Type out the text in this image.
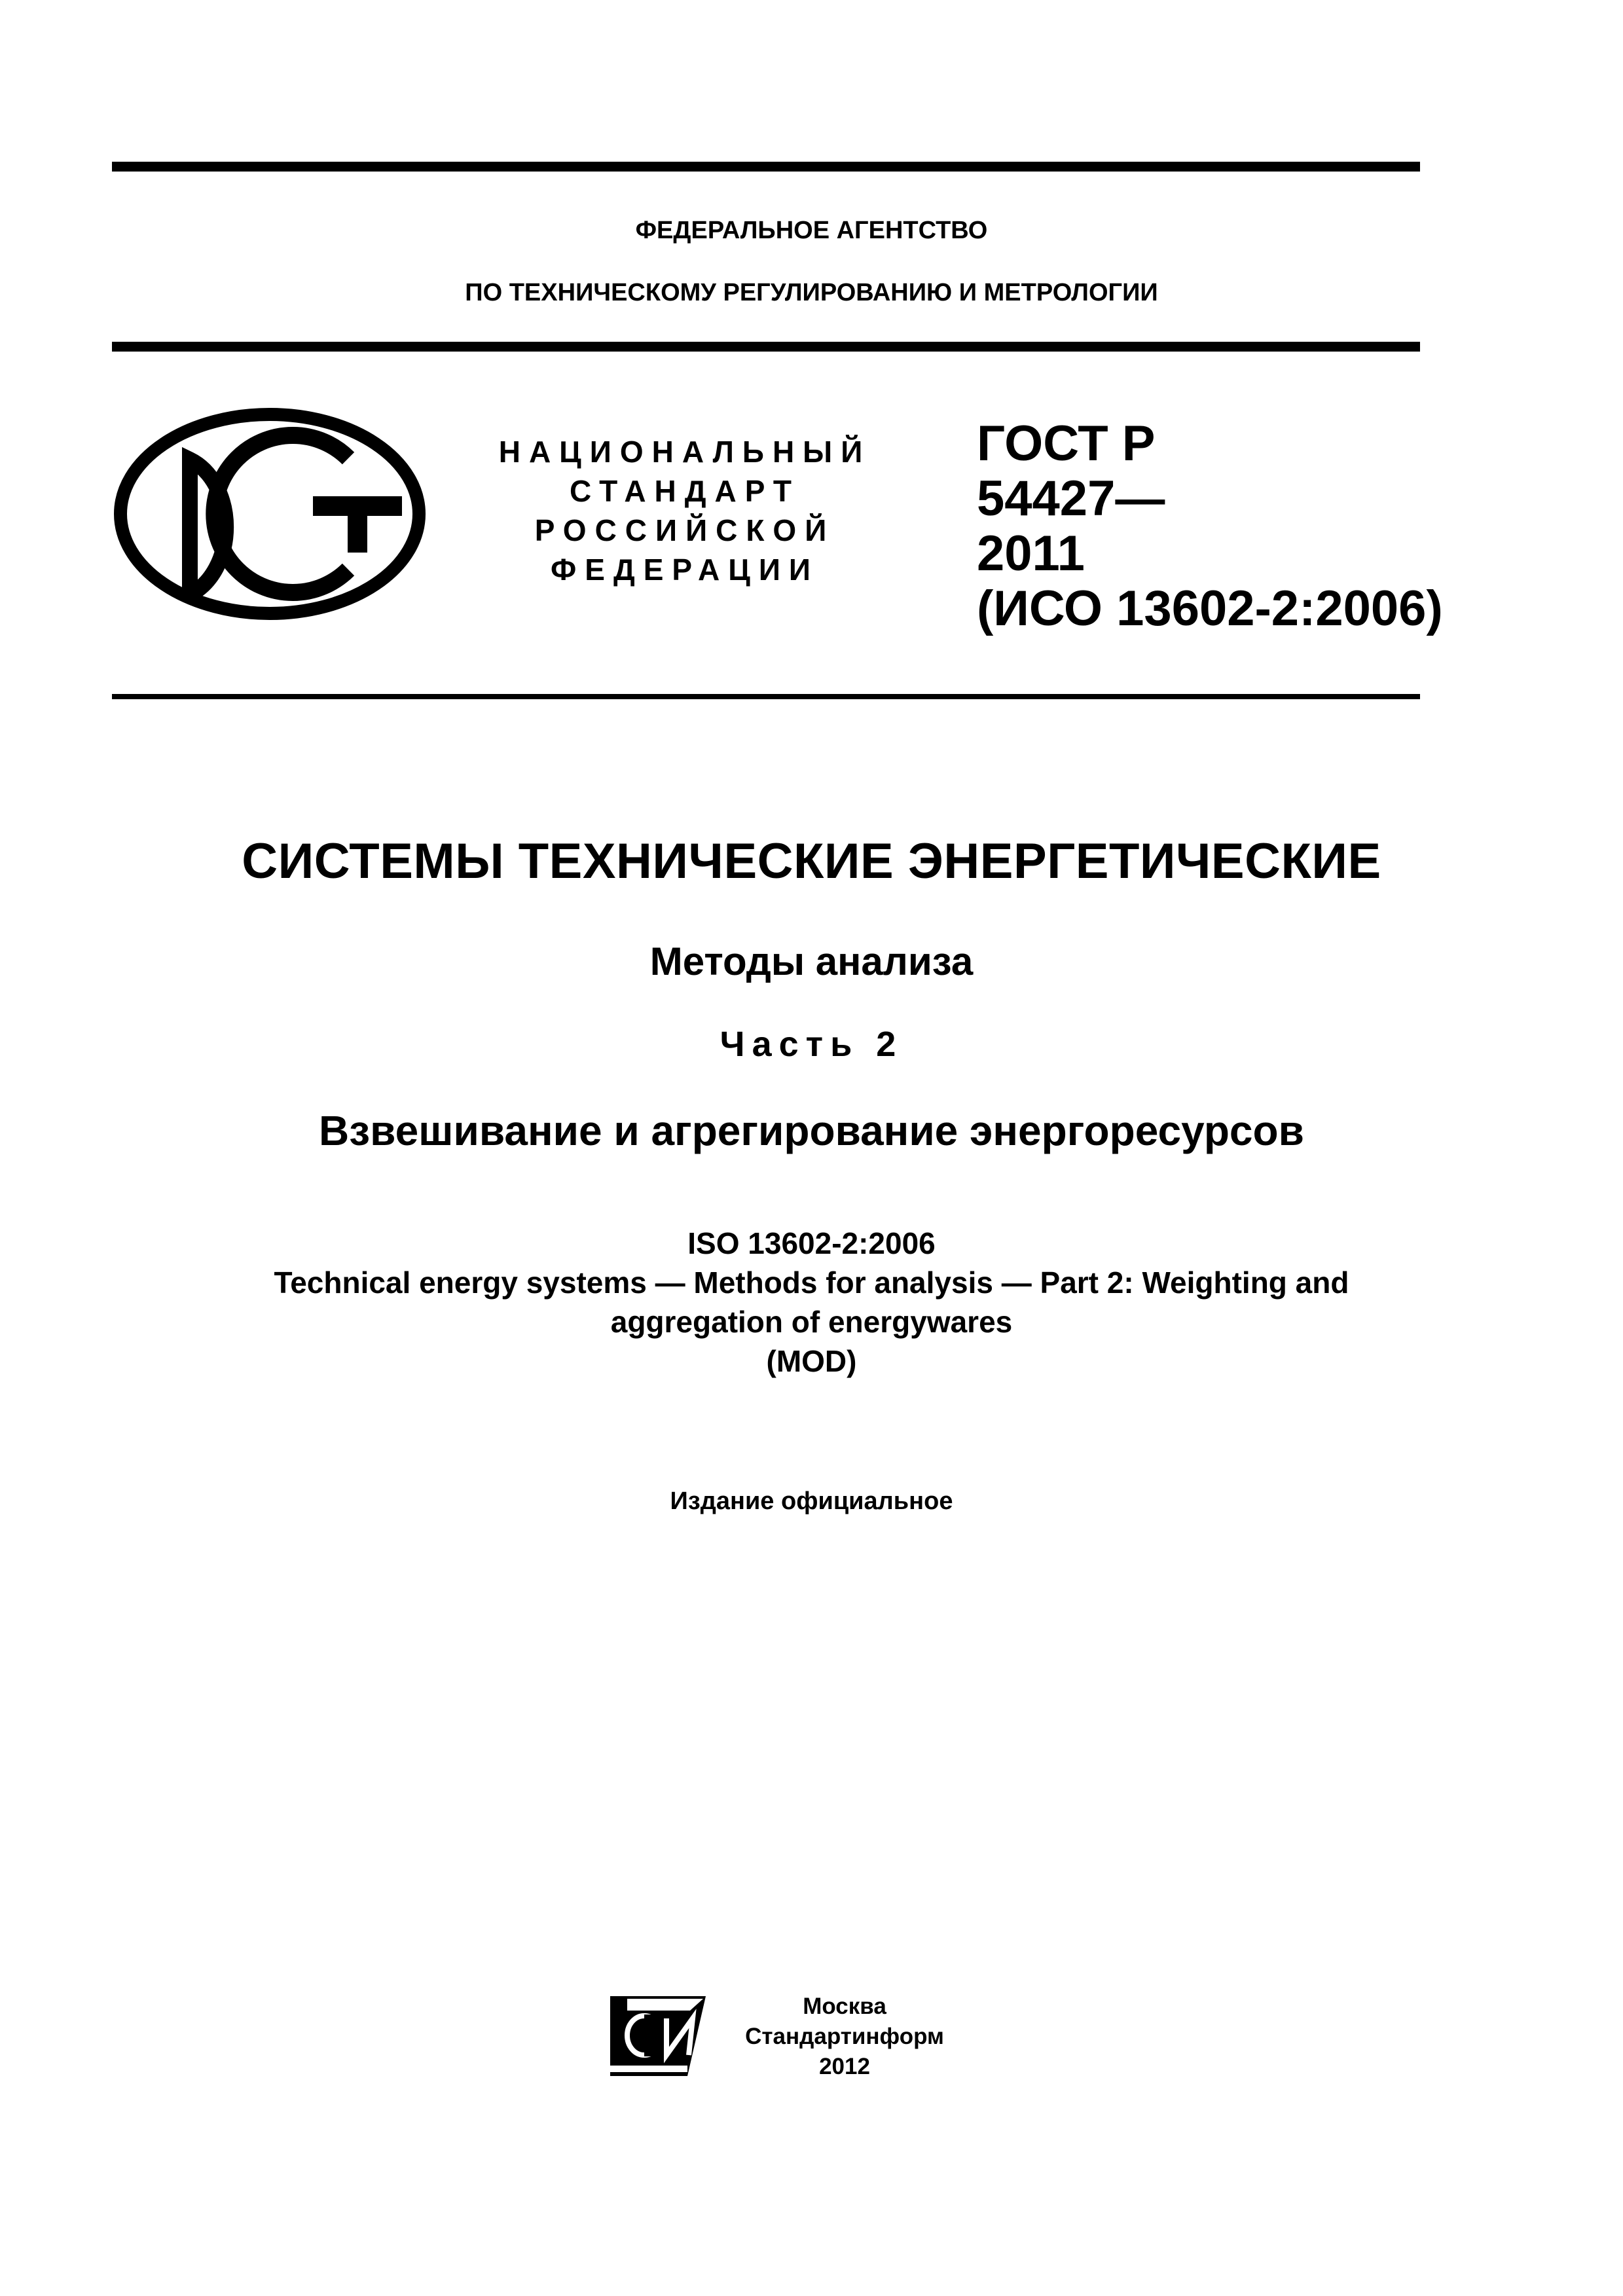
ФЕДЕРАЛЬНОЕ АГЕНТСТВО
ПО ТЕХНИЧЕСКОМУ РЕГУЛИРОВАНИЮ И МЕТРОЛОГИИ
НАЦИОНАЛЬНЫЙ
СТАНДАРТ
РОССИЙСКОЙ
ФЕДЕРАЦИИ
ГОСТ Р
54427—
2011
(ИСО 13602-2:2006)
СИСТЕМЫ ТЕХНИЧЕСКИЕ ЭНЕРГЕТИЧЕСКИЕ
Методы анализа
Часть 2
Взвешивание и агрегирование энергоресурсов
ISO 13602-2:2006
Technical energy systems — Methods for analysis — Part 2: Weighting and
aggregation of energywares
(MOD)
Издание официальное
Москва
Стандартинформ
2012
